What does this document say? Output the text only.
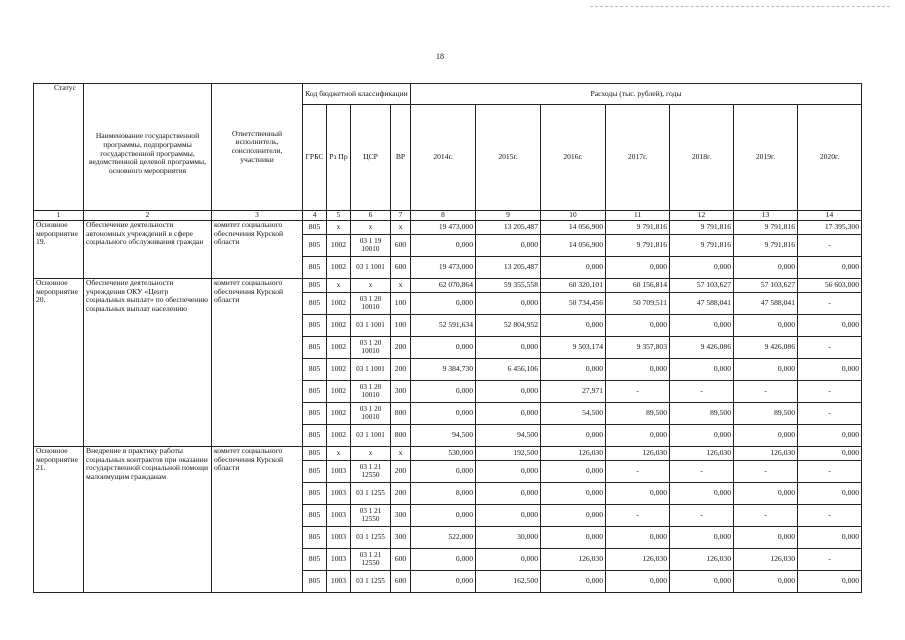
18
Статус	Наименование государственной программы, подпрограммы государственной программы, ведомственной целевой программы, основного мероприятия	Ответственный исполнитель, соисполнители, участники	Код бюджетной классификации				Расходы (тыс. рублей), годы						
			ГРБС	Рз Пр	ЦСР	ВР	2014г.	2015г.	2016г.	2017г.	2018г.	2019г.	2020г.
1	2	3	4	5	6	7	8	9	10	11	12	13	14
Основное мероприятие 19.	Обеспечение деятельности автономных учреждений в сфере социального обслуживания граждан	комитет социального обеспечения Курской области	805	х	х	х	19 473,000	13 205,487	14 056,900	9 791,816	9 791,816	9 791,816	17 395,300
			805	1002	03 1 19 10010	600	0,000	0,000	14 056,900	9 791,816	9 791,816	9 791,816	-
			805	1002	03 1 1001	600	19 473,000	13 205,487	0,000	0,000	0,000	0,000	0,000
Основное мероприятие 20.	Обеспечение деятельности учреждения ОКУ «Центр социальных выплат» по обеспечению социальных выплат населению	комитет социального обеспечения Курской области	805	х	х	х	62 070,864	59 355,558	60 320,101	60 156,814	57 103,627	57 103,627	56 603,000
			805	1002	03 1 20 10010	100	0,000	0,000	50 734,456	50 709,511	47 588,041	47 588,041	-
			805	1002	03 1 1001	100	52 591,634	52 804,952	0,000	0,000	0,000	0,000	0,000
			805	1002	03 1 20 10010	200	0,000	0,000	9 503,174	9 357,803	9 426,086	9 426,086	-
			805	1002	03 1 1001	200	9 384,730	6 456,106	0,000	0,000	0,000	0,000	0,000
			805	1002	03 1 20 10010	300	0,000	0,000	27,971	-	-	-	-
			805	1002	03 1 20 10010	800	0,000	0,000	54,500	89,500	89,500	89,500	-
			805	1002	03 1 1001	800	94,500	94,500	0,000	0,000	0,000	0,000	0,000
Основное мероприятие 21.	Внедрение в практику работы социальных контрактов при оказании государственной социальной помощи малоимущим гражданам	комитет социального обеспечения Курской области	805	х	х	х	530,000	192,500	126,030	126,030	126,030	126,030	0,000
			805	1003	03 1 21 12550	200	0,000	0,000	0,000	-	-	-	-
			805	1003	03 1 1255	200	8,000	0,000	0,000	0,000	0,000	0,000	0,000
			805	1003	03 1 21 12550	300	0,000	0,000	0,000	-	-	-	-
			805	1003	03 1 1255	300	522,000	30,000	0,000	0,000	0,000	0,000	0,000
			805	1003	03 1 21 12550	600	0,000	0,000	126,030	126,030	126,030	126,030	-
			805	1003	03 1 1255	600	0,000	162,500	0,000	0,000	0,000	0,000	0,000
